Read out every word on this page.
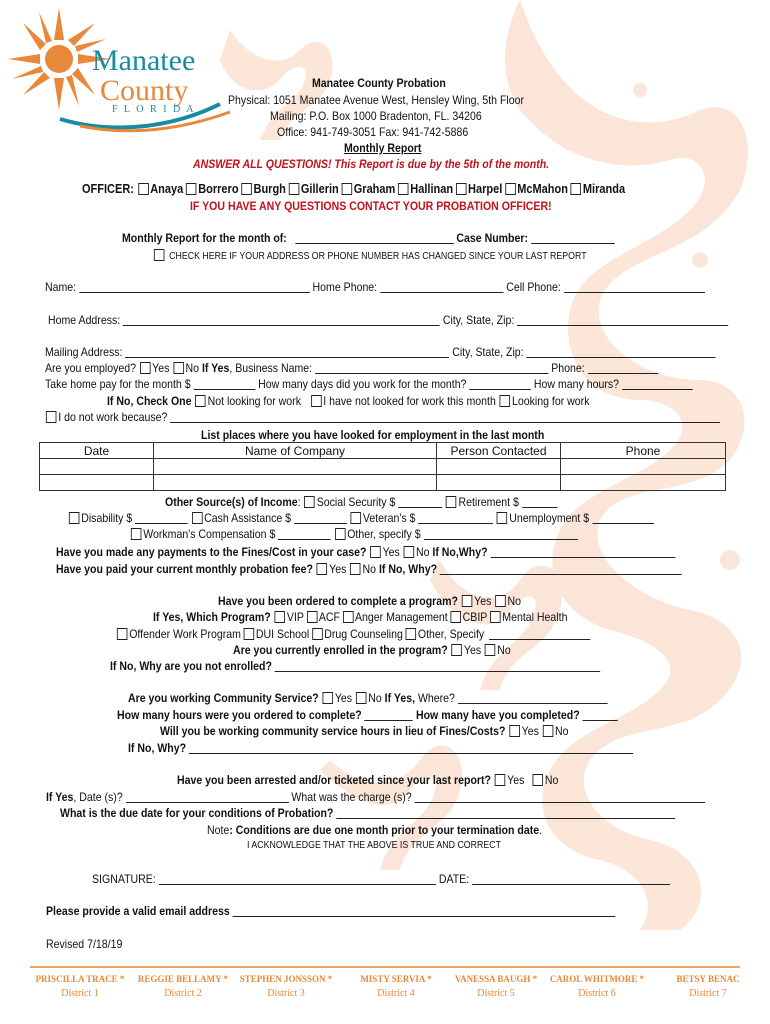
Manatee
County
F L O R I D A
Manatee County Probation
Physical: 1051 Manatee Avenue West, Hensley Wing, 5th Floor
Mailing: P.O. Box 1000 Bradenton, FL. 34206
Office: 941-749-3051 Fax: 941-742-5886
Monthly Report
ANSWER ALL QUESTIONS! This Report is due by the 5th of the month.
OFFICER: Anaya Borrero Burgh Gillerin Graham Hallinan Harpel McMahon Miranda
IF YOU HAVE ANY QUESTIONS CONTACT YOUR PROBATION OFFICER!
Monthly Report for the month of:	Case Number:
CHECK HERE IF YOUR ADDRESS OR PHONE NUMBER HAS CHANGED SINCE YOUR LAST REPORT
Name:	Home Phone:	Cell Phone:
Home Address:	City, State, Zip:
Mailing Address:	City, State, Zip:
Are you employed? Yes No If Yes, Business Name:	Phone:
Take home pay for the month $	How many days did you work for the month?	How many hours?
If No, Check One Not looking for work I have not looked for work this month Looking for work
I do not work because?
List places where you have looked for employment in the last month
Date	Name of Company	Person Contacted	Phone

Other Source(s) of Income: Social Security $	Retirement $
Disability $	Cash Assistance $	Veteran's $	Unemployment $
Workman's Compensation $	Other, specify $
Have you made any payments to the Fines/Cost in your case? Yes No If No,Why?
Have you paid your current monthly probation fee? Yes No If No, Why?
Have you been ordered to complete a program? Yes No
If Yes, Which Program? VIP ACF Anger Management CBIP Mental Health
Offender Work Program DUI School Drug Counseling Other, Specify
Are you currently enrolled in the program? Yes No
If No, Why are you not enrolled?
Are you working Community Service? Yes No If Yes, Where?
How many hours were you ordered to complete?	How many have you completed?
Will you be working community service hours in lieu of Fines/Costs? Yes No
If No, Why?
Have you been arrested and/or ticketed since your last report? Yes No
If Yes, Date (s)?	What was the charge (s)?
What is the due date for your conditions of Probation?
Note: Conditions are due one month prior to your termination date.
I ACKNOWLEDGE THAT THE ABOVE IS TRUE AND CORRECT
SIGNATURE:	DATE:
Please provide a valid email address
Revised 7/18/19
PRISCILLA TRACE *
District 1
REGGIE BELLAMY *
District 2
STEPHEN JONSSON *
District 3
MISTY SERVIA *
District 4
VANESSA BAUGH *
District 5
CAROL WHITMORE *
District 6
BETSY BENAC
District 7
